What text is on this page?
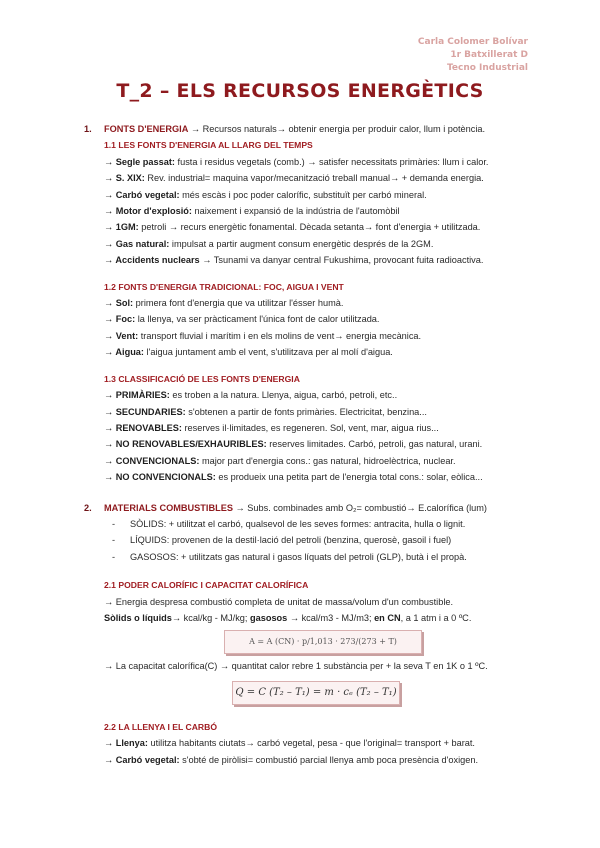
Carla Colomer Bolívar
1r Batxillerat D
Tecno Industrial
T_2 – ELS RECURSOS ENERGÈTICS
1. FONTS D'ENERGIA → Recursos naturals→ obtenir energia per produir calor, llum i potència.
1.1 LES FONTS D'ENERGIA AL LLARG DEL TEMPS
→ Segle passat: fusta i residus vegetals (comb.) → satisfer necessitats primàries: llum i calor.
→ S. XIX: Rev. industrial= maquina vapor/mecanització treball manual→ + demanda energia.
→ Carbó vegetal: més escàs i poc poder calorífic, substituït per carbó mineral.
→ Motor d'explosió: naixement i expansió de la indústria de l'automòbil
→ 1GM: petroli → recurs energètic fonamental. Dècada setanta→ font d'energia + utilitzada.
→ Gas natural: impulsat a partir augment consum energètic després de la 2GM.
→ Accidents nuclears → Tsunami va danyar central Fukushima, provocant fuita radioactiva.
1.2 FONTS D'ENERGIA TRADICIONAL: FOC, AIGUA I VENT
→ Sol: primera font d'energia que va utilitzar l'ésser humà.
→ Foc: la llenya, va ser pràcticament l'única font de calor utilitzada.
→ Vent: transport fluvial i marítim i en els molins de vent→ energia mecànica.
→ Aigua: l'aigua juntament amb el vent, s'utilitzava per al molí d'aigua.
1.3 CLASSIFICACIÓ DE LES FONTS D'ENERGIA
→ PRIMÀRIES: es troben a la natura. Llenya, aigua, carbó, petroli, etc..
→ SECUNDARIES: s'obtenen a partir de fonts primàries. Electricitat, benzina...
→ RENOVABLES: reserves il·limitades, es regeneren. Sol, vent, mar, aigua rius...
→ NO RENOVABLES/EXHAURIBLES: reserves limitades. Carbó, petroli, gas natural, urani.
→ CONVENCIONALS: major part d'energia cons.: gas natural, hidroelèctrica, nuclear.
→ NO CONVENCIONALS: es produeix una petita part de l'energia total cons.: solar, eòlica...
2. MATERIALS COMBUSTIBLES → Subs. combinades amb O₂= combustió→ E.calorífica (lum)
- SÒLIDS: + utilitzat el carbó, qualsevol de les seves formes: antracita, hulla o lignit.
- LÍQUIDS: provenen de la destil·lació del petroli (benzina, querosè, gasoil i fuel)
- GASOSOS: + utilitzats gas natural i gasos líquats del petroli (GLP), butà i el propà.
2.1 PODER CALORÍFIC I CAPACITAT CALORÍFICA
→ Energia despresa combustió completa de unitat de massa/volum d'un combustible.
Sòlids o líquids→ kcal/kg - MJ/kg; gasosos → kcal/m3 - MJ/m3; en CN, a 1 atm i a 0 ºC.
A = A (CN) · p/1,013 · 273/(273 + T)
→ La capacitat calorífica(C) → quantitat calor rebre 1 substància per + la seva T en 1K o 1 ºC.
Q = C (T₂ – T₁) = m · cₑ (T₂ – T₁)
2.2 LA LLENYA I EL CARBÓ
→ Llenya: utilitza habitants ciutats→ carbó vegetal, pesa - que l'original= transport + barat.
→ Carbó vegetal: s'obté de piròlisi= combustió parcial llenya amb poca presència d'oxigen.
